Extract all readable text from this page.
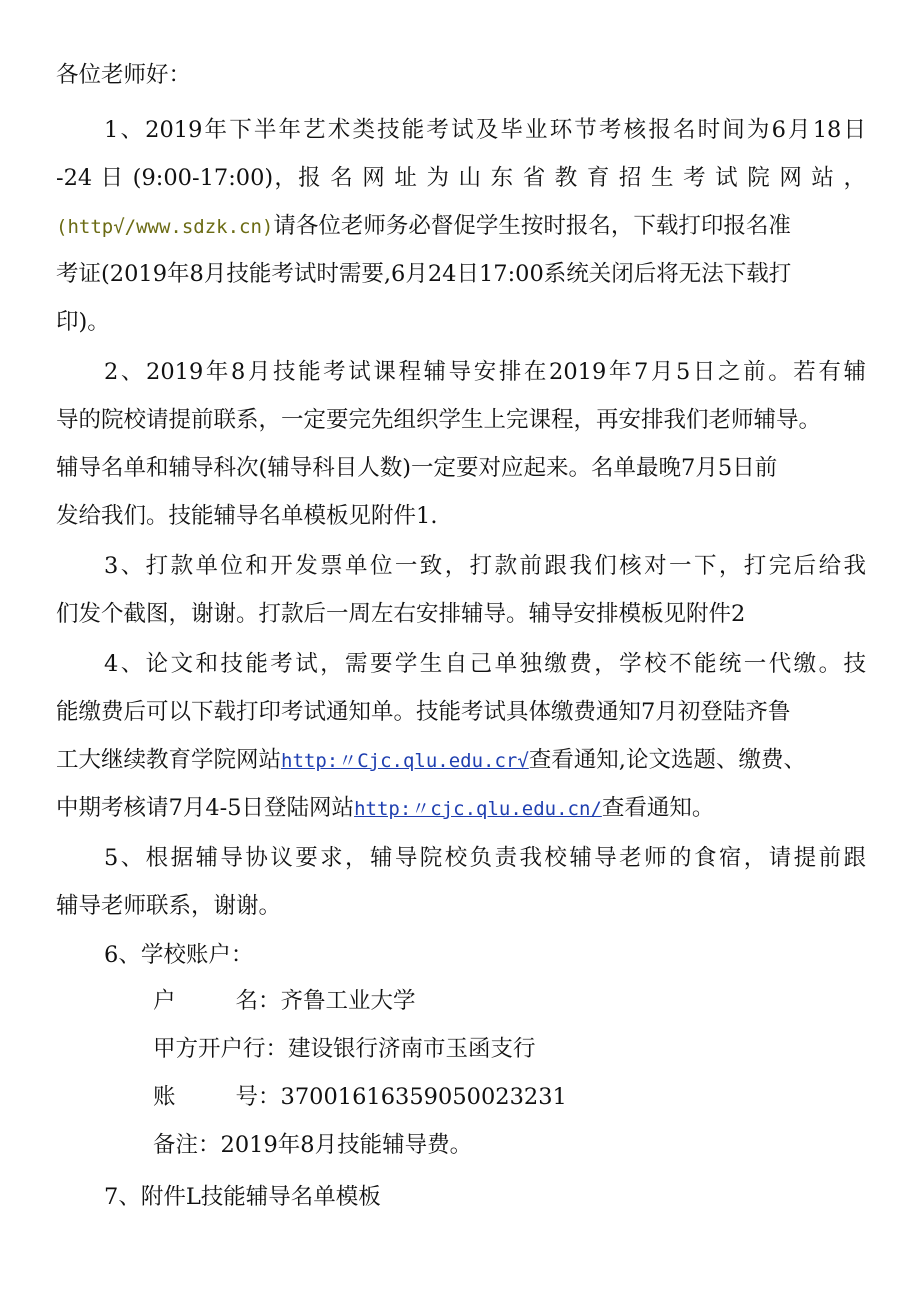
各位老师好：
1、2019年下半年艺术类技能考试及毕业环节考核报名时间为6月18日
-24 日 (9:00-17:00)，报 名 网 址 为 山 东 省 教 育 招 生 考 试 院 网 站 ，
(http√/www.sdzk.cn)请各位老师务必督促学生按时报名，下载打印报名准
考证(2019年8月技能考试时需要,6月24日17:00系统关闭后将无法下载打
印)。
2、2019年8月技能考试课程辅导安排在2019年7月5日之前。若有辅
导的院校请提前联系，一定要完先组织学生上完课程，再安排我们老师辅导。
辅导名单和辅导科次(辅导科目人数)一定要对应起来。名单最晚7月5日前
发给我们。技能辅导名单模板见附件1.
3、打款单位和开发票单位一致，打款前跟我们核对一下，打完后给我
们发个截图，谢谢。打款后一周左右安排辅导。辅导安排模板见附件2
4、论文和技能考试，需要学生自己单独缴费，学校不能统一代缴。技
能缴费后可以下载打印考试通知单。技能考试具体缴费通知7月初登陆齐鲁
工大继续教育学院网站http:〃Cjc.qlu.edu.cr√查看通知,论文选题、缴费、
中期考核请7月4-5日登陆网站http:〃cjc.qlu.edu.cn/查看通知。
5、根据辅导协议要求，辅导院校负责我校辅导老师的食宿，请提前跟
辅导老师联系，谢谢。
6、学校账户：
户	名：齐鲁工业大学
甲方开户行：建设银行济南市玉函支行
账	号：37001616359050023231
备注：2019年8月技能辅导费。
7、附件L技能辅导名单模板
